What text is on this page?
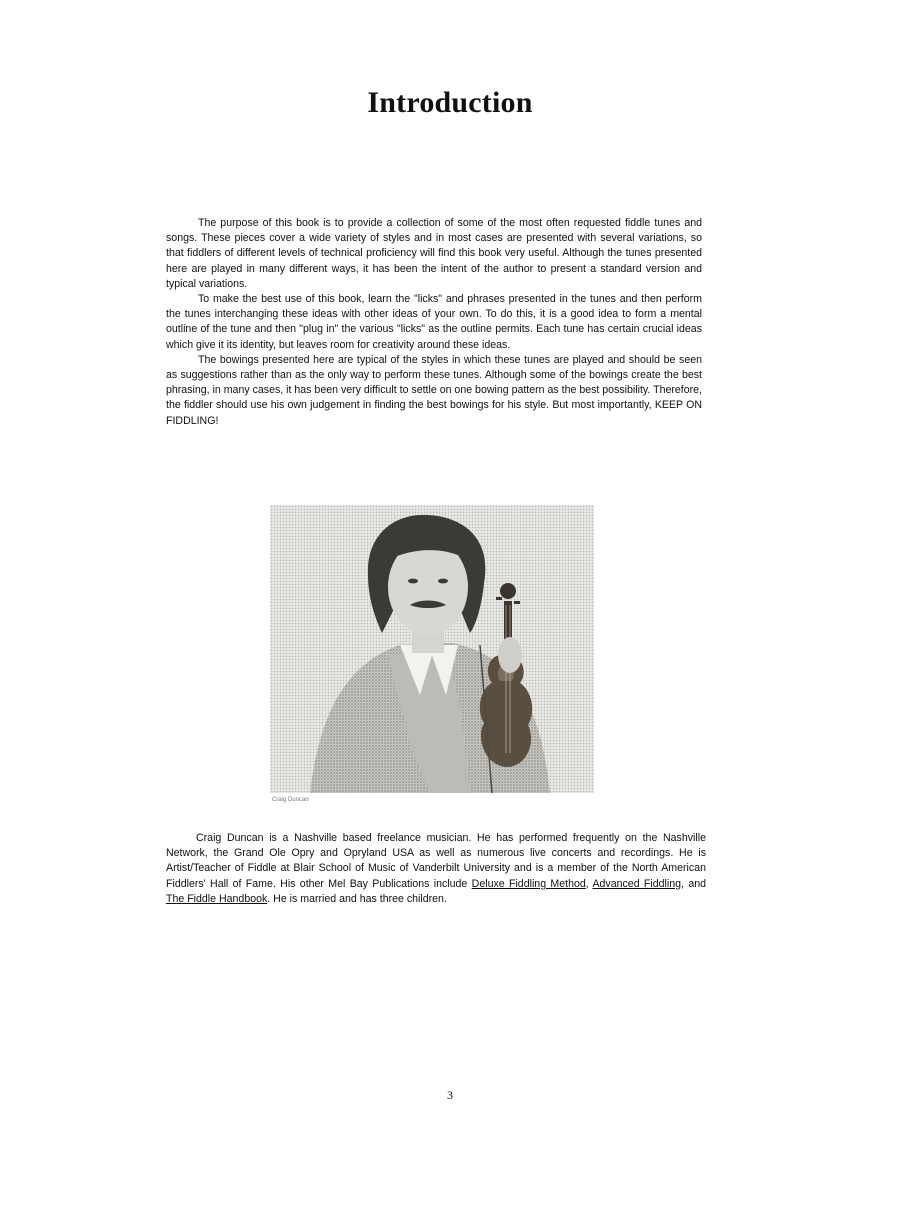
Introduction

The purpose of this book is to provide a collection of some of the most often requested fiddle tunes and songs. These pieces cover a wide variety of styles and in most cases are presented with several variations, so that fiddlers of different levels of technical proficiency will find this book very useful. Although the tunes presented here are played in many different ways, it has been the intent of the author to present a standard version and typical variations.

To make the best use of this book, learn the "licks" and phrases presented in the tunes and then perform the tunes interchanging these ideas with other ideas of your own. To do this, it is a good idea to form a mental outline of the tune and then "plug in" the various "licks" as the outline permits. Each tune has certain crucial ideas which give it its identity, but leaves room for creativity around these ideas.

The bowings presented here are typical of the styles in which these tunes are played and should be seen as suggestions rather than as the only way to perform these tunes. Although some of the bowings create the best phrasing, in many cases, it has been very difficult to settle on one bowing pattern as the best possibility. Therefore, the fiddler should use his own judgement in finding the best bowings for his style. But most importantly, KEEP ON FIDDLING!

Craig Duncan

Craig Duncan is a Nashville based freelance musician. He has performed frequently on the Nashville Network, the Grand Ole Opry and Opryland USA as well as numerous live concerts and recordings. He is Artist/Teacher of Fiddle at Blair School of Music of Vanderbilt University and is a member of the North American Fiddlers' Hall of Fame. His other Mel Bay Publications include Deluxe Fiddling Method, Advanced Fiddling, and The Fiddle Handbook. He is married and has three children.

3
